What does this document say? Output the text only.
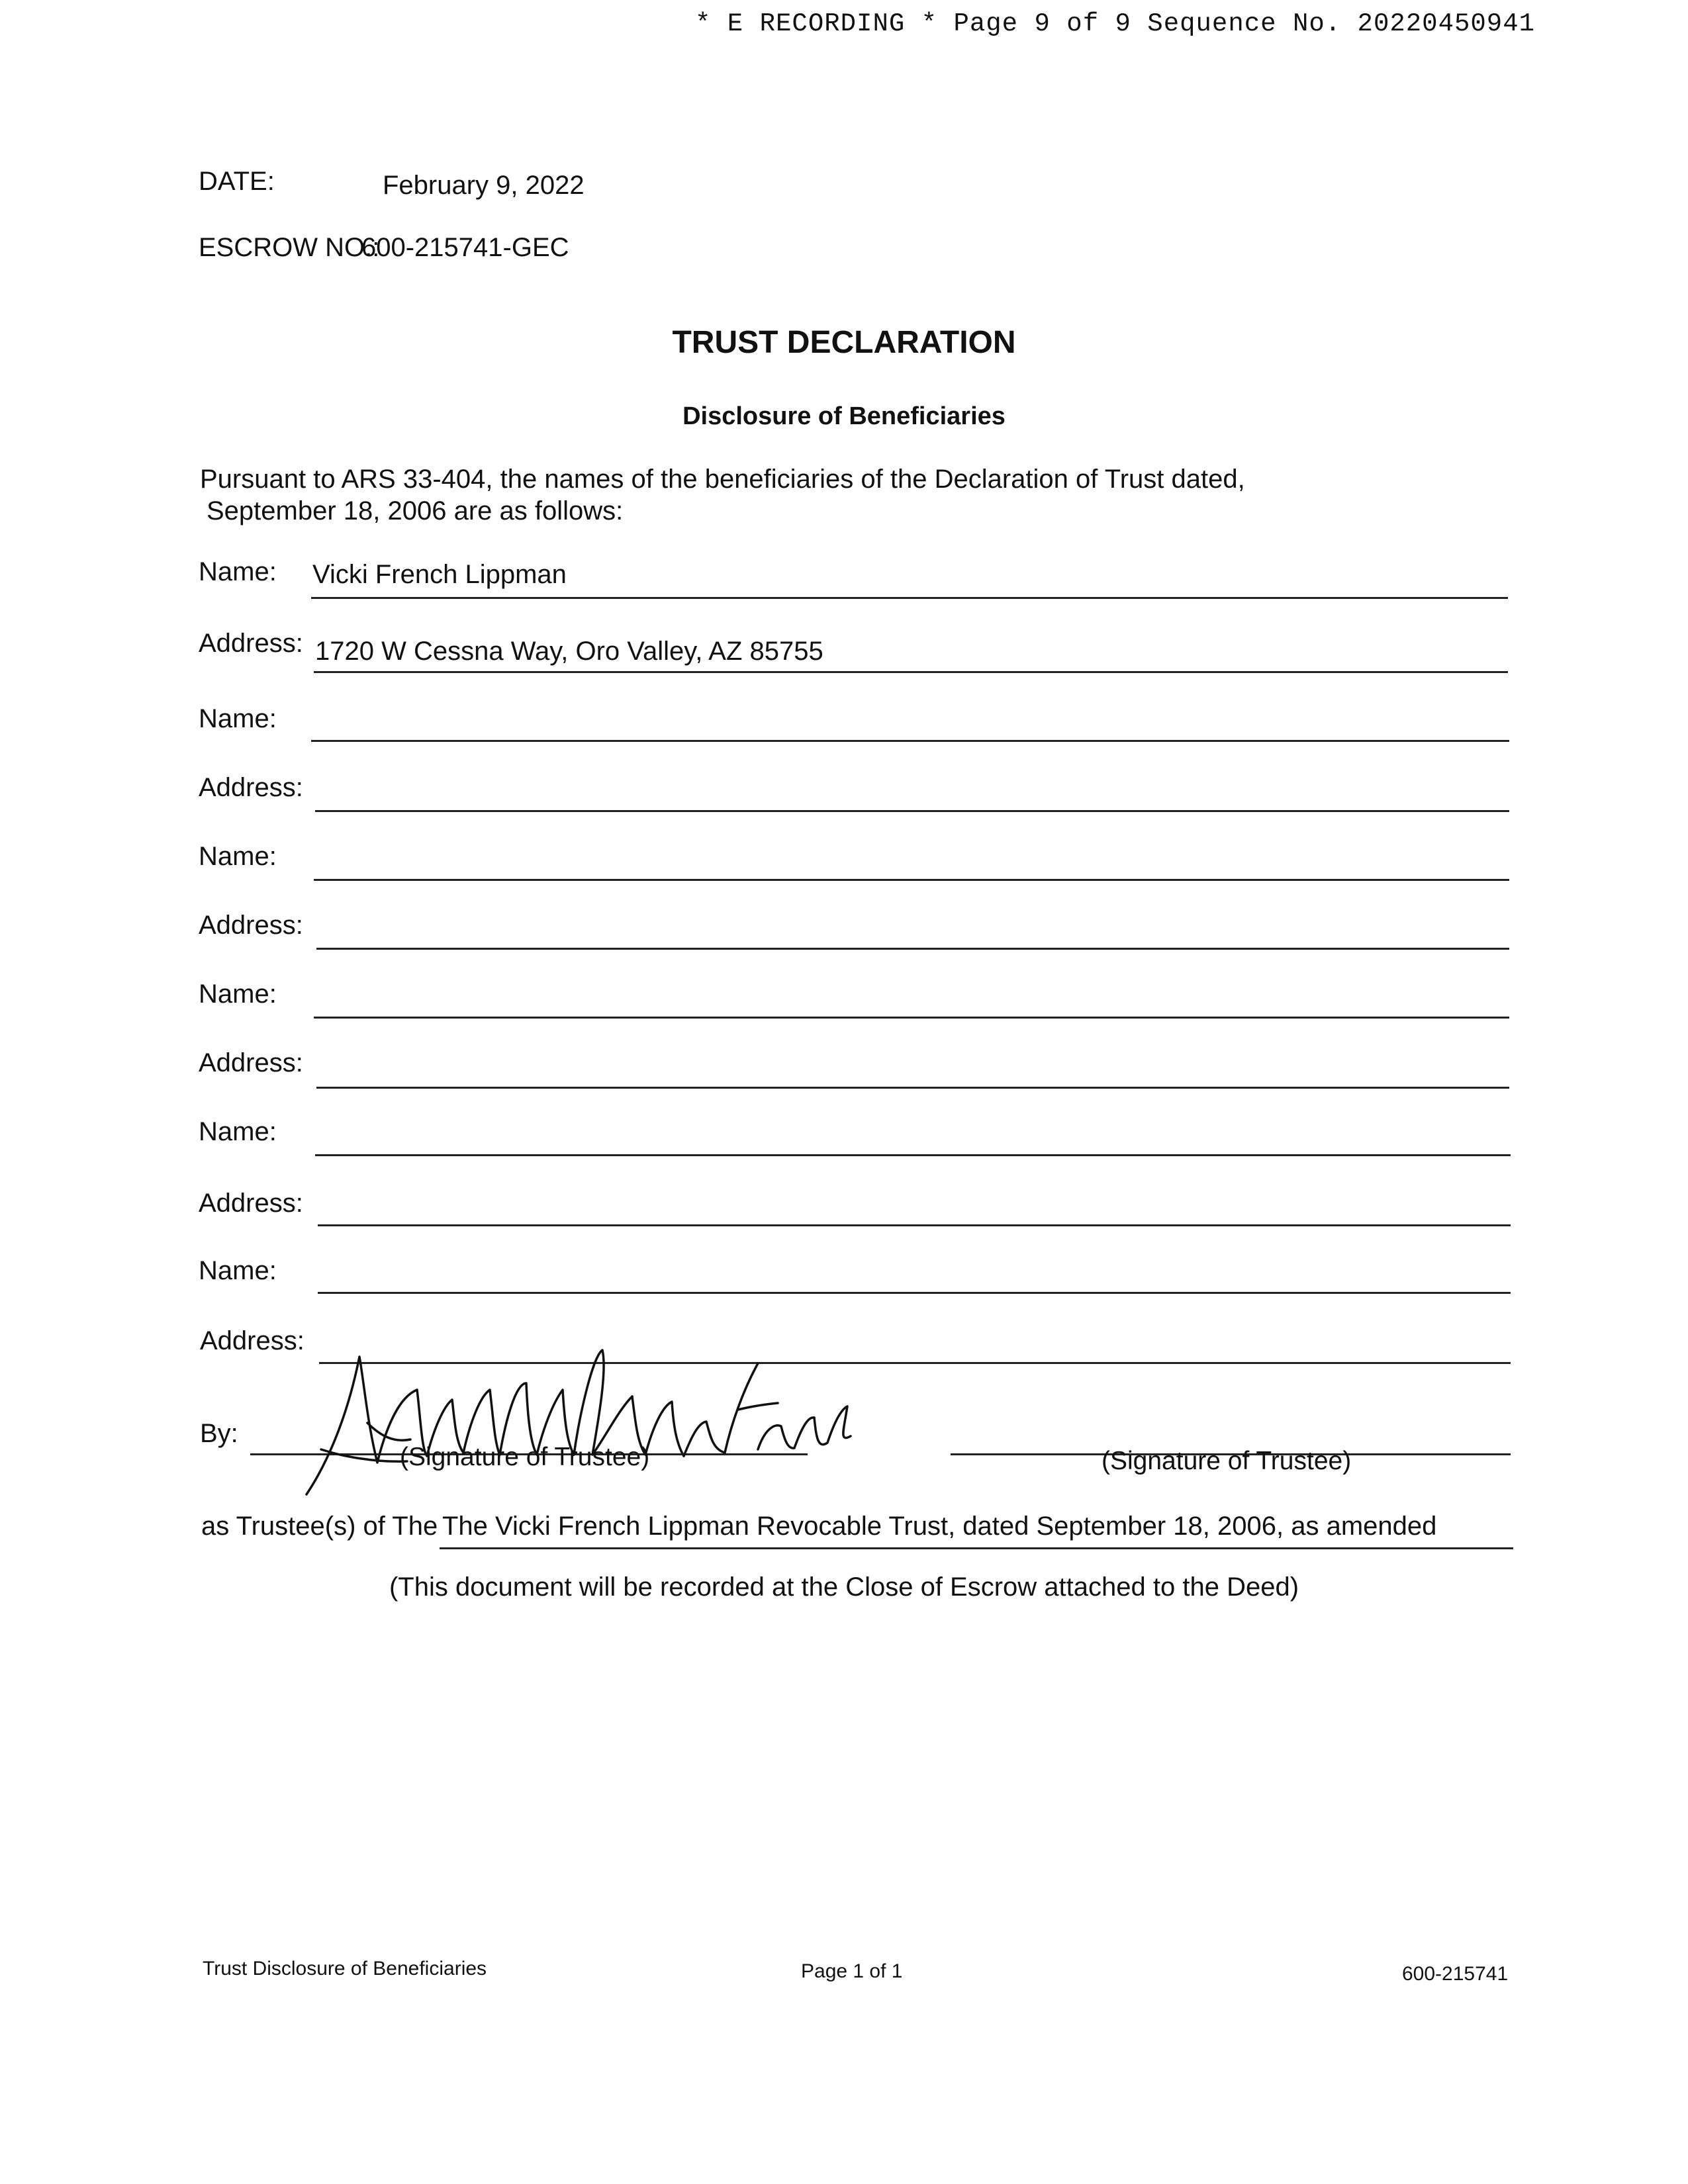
* E RECORDING * Page 9 of 9 Sequence No. 20220450941
DATE:	February 9, 2022
ESCROW NO.:
600-215741-GEC
TRUST DECLARATION
Disclosure of Beneficiaries
Pursuant to ARS 33-404, the names of the beneficiaries of the Declaration of Trust dated,
September 18, 2006 are as follows:
Name: Vicki French Lippman
Address: 1720 W Cessna Way, Oro Valley, AZ 85755
Name:
Address:
Name:
Address:
Name:
Address:
Name:
Address:
Name:
Address:
By:
(Signature of Trustee)	(Signature of Trustee)
as Trustee(s) of The The Vicki French Lippman Revocable Trust, dated September 18, 2006, as amended
(This document will be recorded at the Close of Escrow attached to the Deed)
Trust Disclosure of Beneficiaries	Page 1 of 1	600-215741
